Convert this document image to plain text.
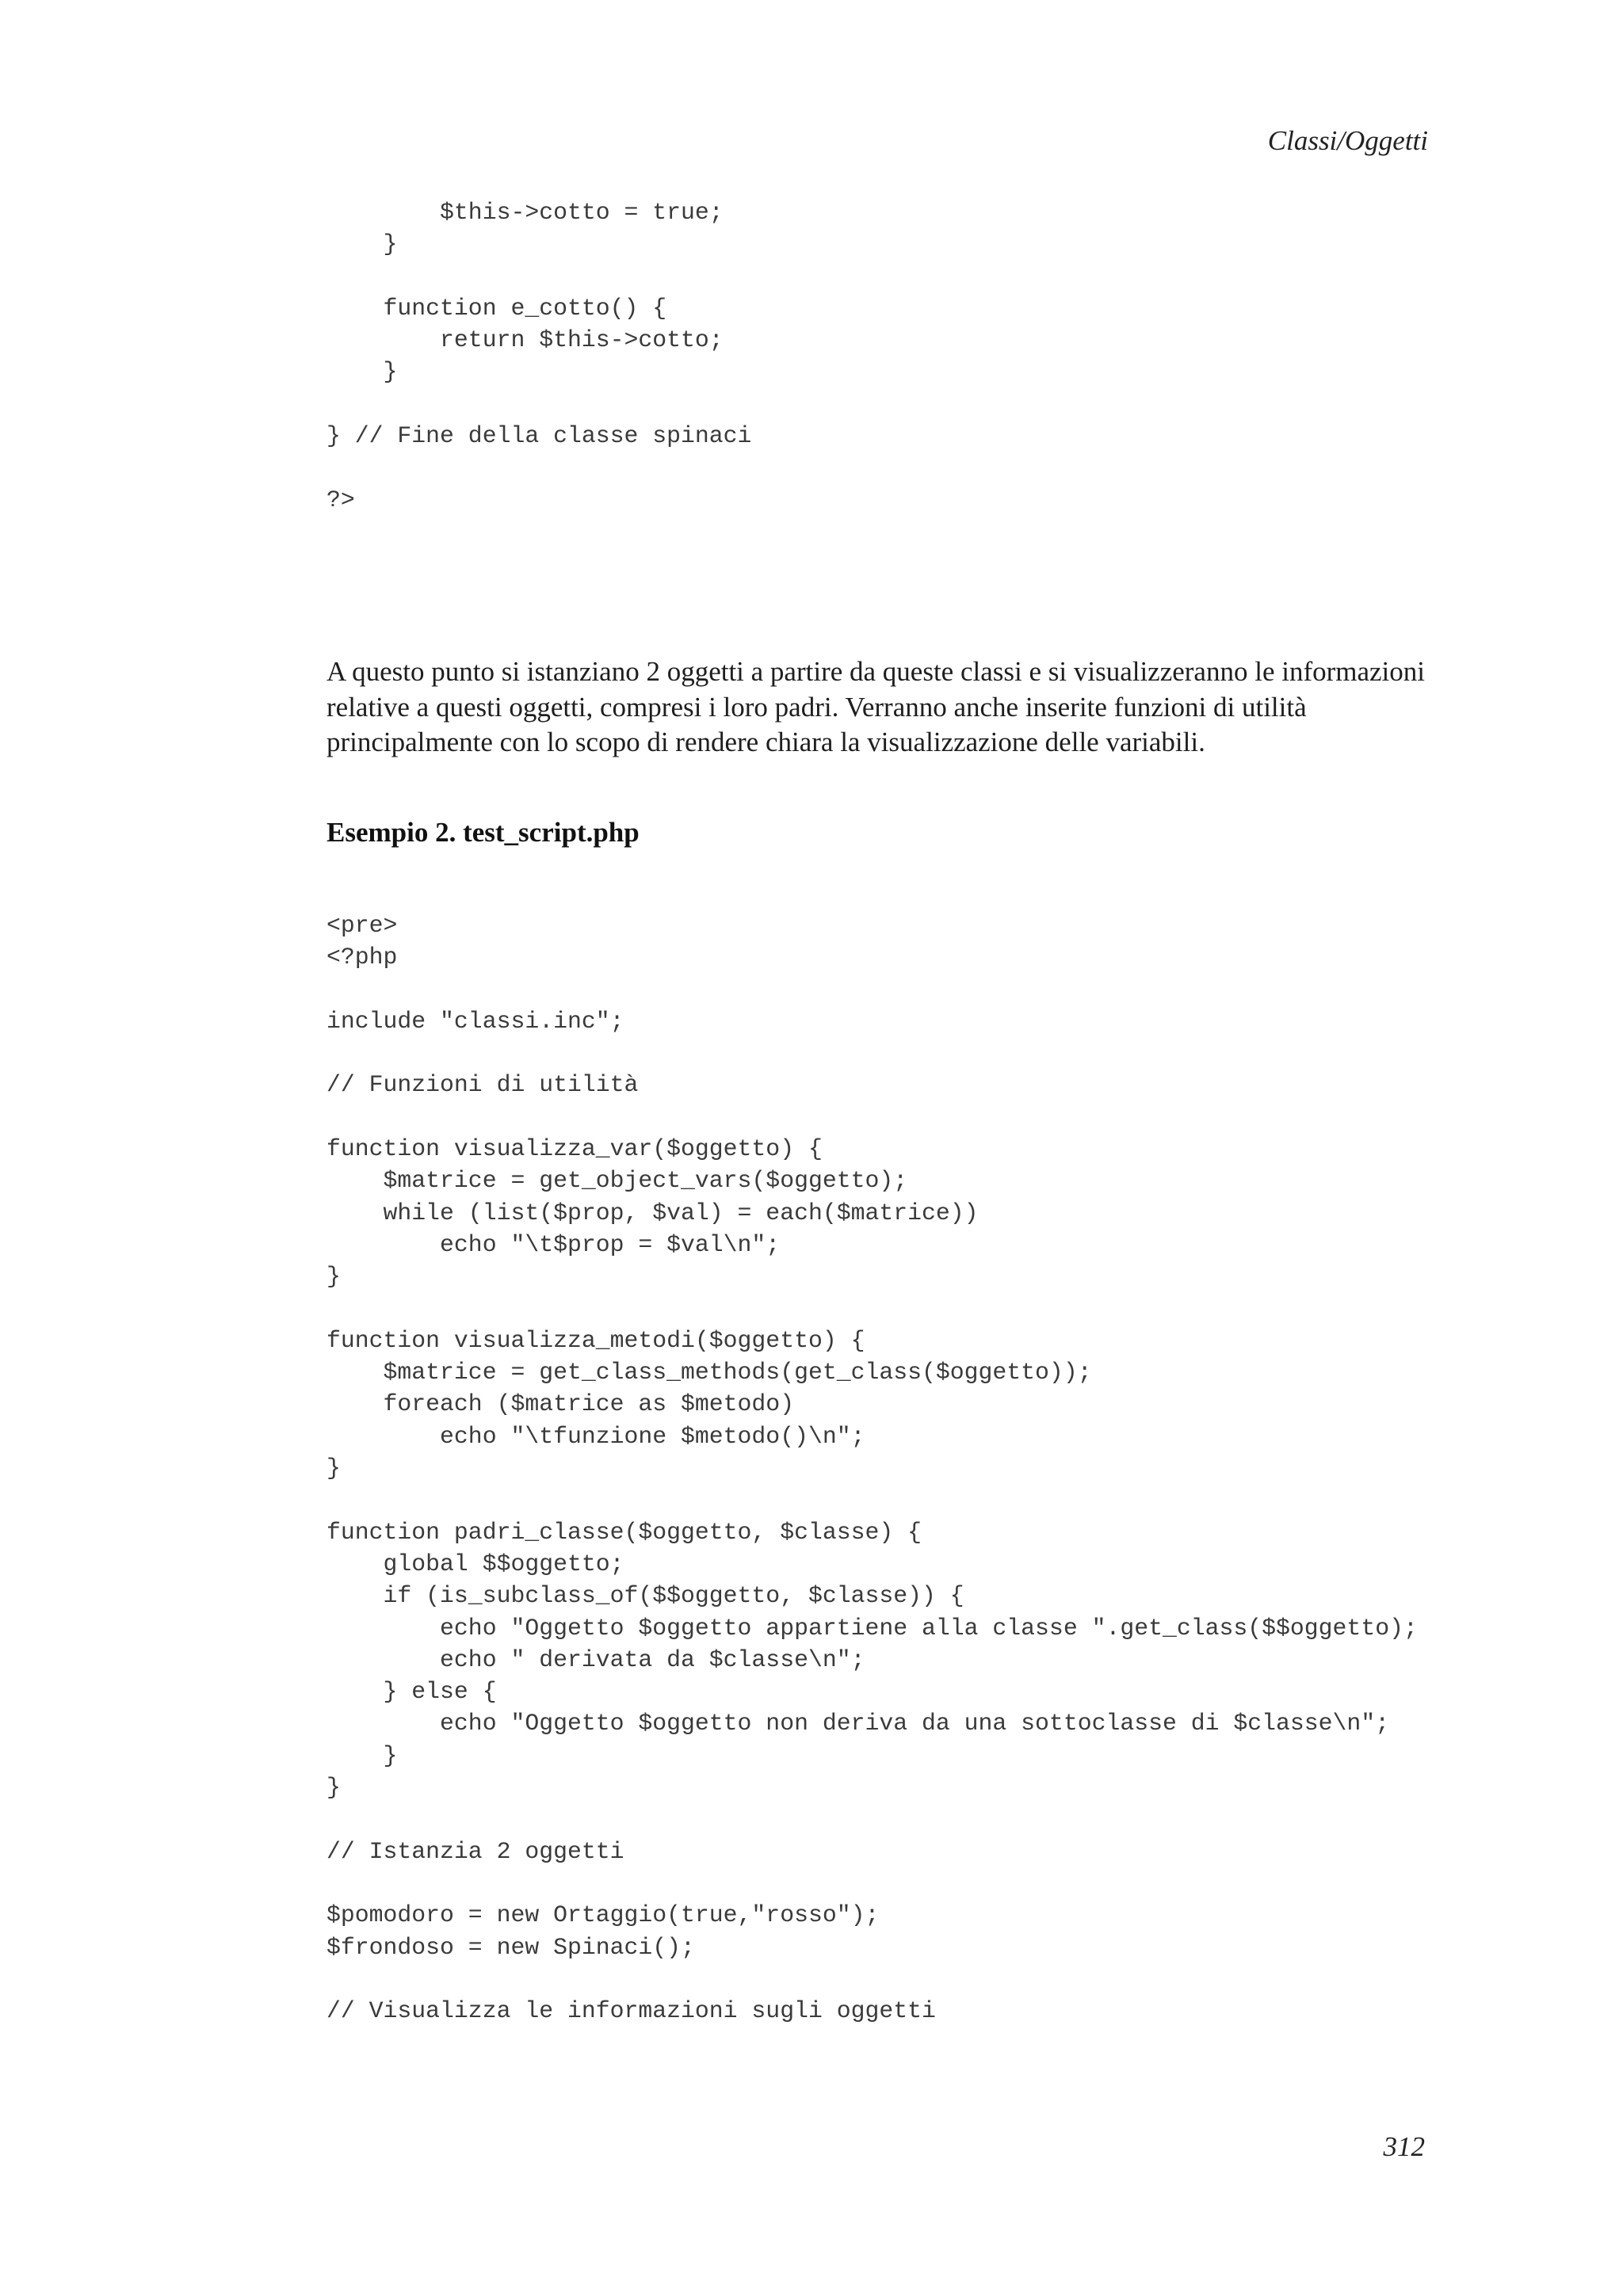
Classi/Oggetti

$this->cotto = true;
}
function e_cotto() {
return $this->cotto;
}
} // Fine della classe spinaci
?>

A questo punto si istanziano 2 oggetti a partire da queste classi e si visualizzeranno le informazioni
relative a questi oggetti, compresi i loro padri. Verranno anche inserite funzioni di utilità
principalmente con lo scopo di rendere chiara la visualizzazione delle variabili.

Esempio 2. test_script.php

<pre>
<?php
include "classi.inc";
// Funzioni di utilità
function visualizza_var($oggetto) {
$matrice = get_object_vars($oggetto);
while (list($prop, $val) = each($matrice))
echo "\t$prop = $val\n";
}
function visualizza_metodi($oggetto) {
$matrice = get_class_methods(get_class($oggetto));
foreach ($matrice as $metodo)
echo "\tfunzione $metodo()\n";
}
function padri_classe($oggetto, $classe) {
global $$oggetto;
if (is_subclass_of($$oggetto, $classe)) {
echo "Oggetto $oggetto appartiene alla classe ".get_class($$oggetto);
echo " derivata da $classe\n";
} else {
echo "Oggetto $oggetto non deriva da una sottoclasse di $classe\n";
}
}
// Istanzia 2 oggetti
$pomodoro = new Ortaggio(true,"rosso");
$frondoso = new Spinaci();
// Visualizza le informazioni sugli oggetti

312
